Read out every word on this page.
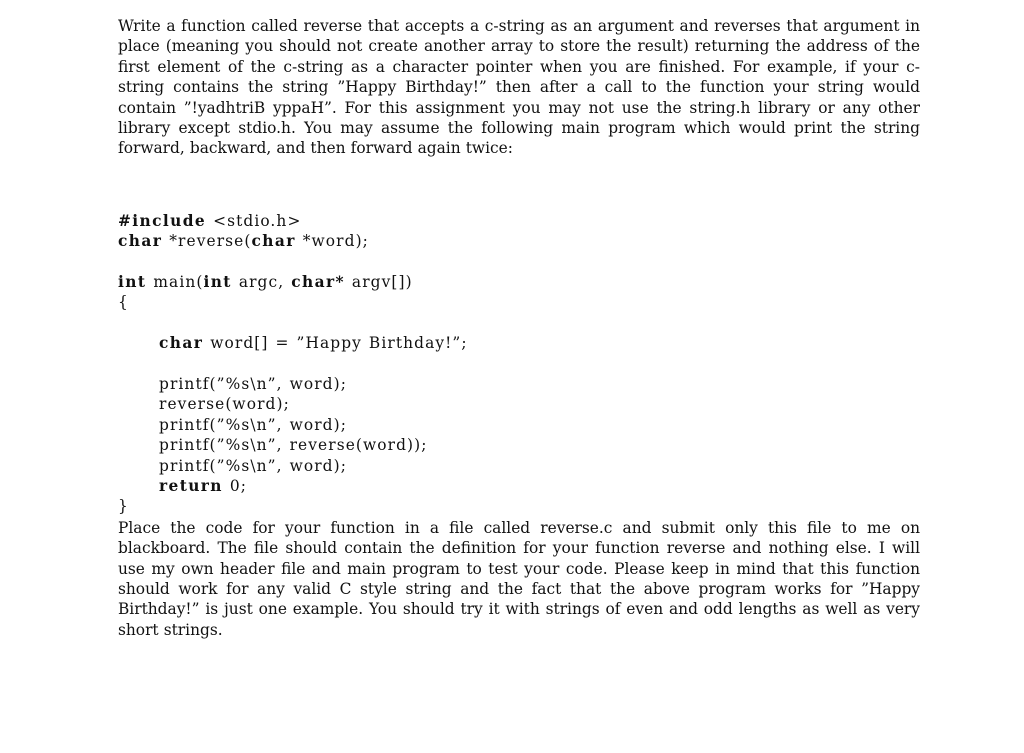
Write a function called reverse that accepts a c-string as an argument and reverses that argument in place (meaning you should not create another array to store the result) returning the address of the first element of the c-string as a character pointer when you are finished. For example, if your c-string contains the string ”Happy Birthday!” then after a call to the function your string would contain ”!yadhtriB yppaH”. For this assignment you may not use the string.h library or any other library except stdio.h. You may assume the following main program which would print the string forward, backward, and then forward again twice:

#include <stdio.h>
char *reverse(char *word);
int main(int argc, char* argv[])
{
char word[] = ”Happy Birthday!”;
printf(”%s\n”, word);
reverse(word);
printf(”%s\n”, word);
printf(”%s\n”, reverse(word));
printf(”%s\n”, word);
return 0;
}

Place the code for your function in a file called reverse.c and submit only this file to me on blackboard. The file should contain the definition for your function reverse and nothing else. I will use my own header file and main program to test your code. Please keep in mind that this function should work for any valid C style string and the fact that the above program works for ”Happy Birthday!” is just one example. You should try it with strings of even and odd lengths as well as very short strings.
